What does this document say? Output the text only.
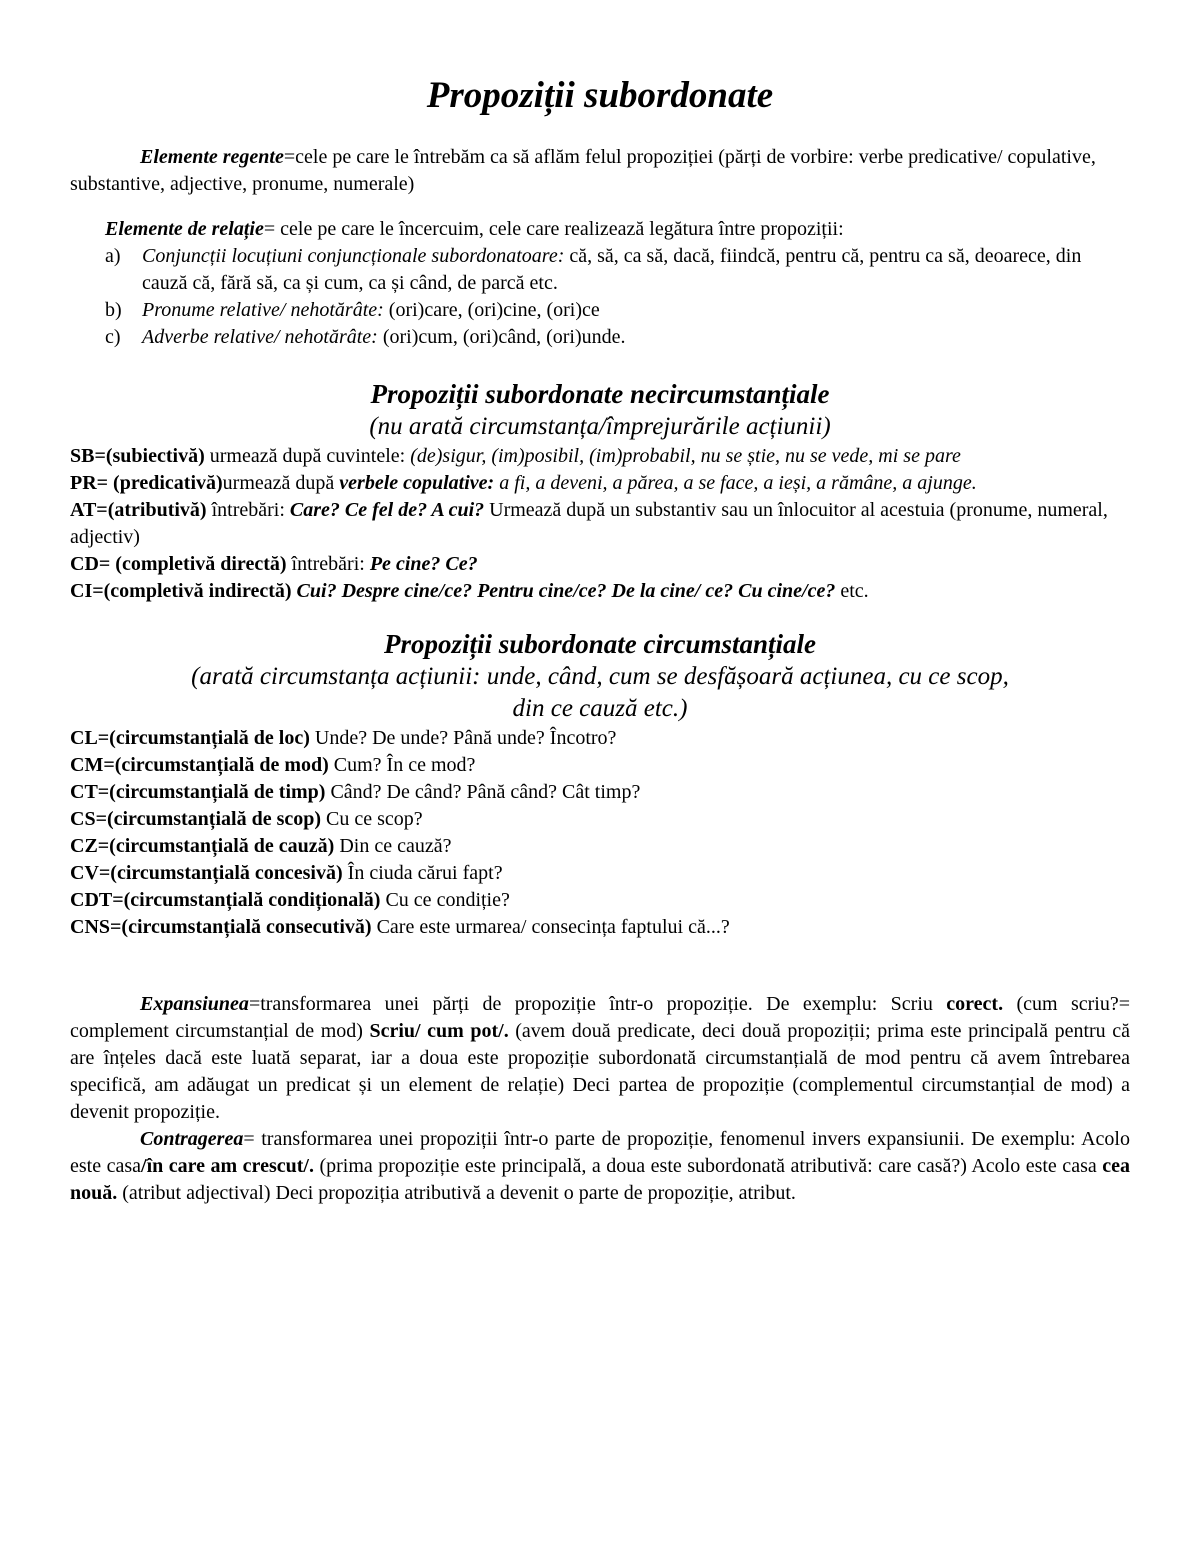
Propoziții subordonate

Elemente regente=cele pe care le întrebăm ca să aflăm felul propoziției (părți de vorbire: verbe predicative/ copulative, substantive, adjective, pronume, numerale)

Elemente de relație= cele pe care le încercuim, cele care realizează legătura între propoziții:

a) Conjuncții locuțiuni conjuncționale subordonatoare: că, să, ca să, dacă, fiindcă, pentru că, pentru ca să, deoarece, din cauză că, fără să, ca și cum, ca și când, de parcă etc.
b) Pronume relative/ nehotărâte: (ori)care, (ori)cine, (ori)ce
c) Adverbe relative/ nehotărâte: (ori)cum, (ori)când, (ori)unde.
Propoziții subordonate necircumstanțiale

(nu arată circumstanța/împrejurările acțiunii)

SB=(subiectivă) urmează după cuvintele: (de)sigur, (im)posibil, (im)probabil, nu se știe, nu se vede, mi se pare

PR= (predicativă)urmează după verbele copulative: a fi, a deveni, a părea, a se face, a ieși, a rămâne, a ajunge.

AT=(atributivă) întrebări: Care? Ce fel de? A cui? Urmează după un substantiv sau un înlocuitor al acestuia (pronume, numeral, adjectiv)

CD= (completivă directă) întrebări: Pe cine? Ce?

CI=(completivă indirectă) Cui? Despre cine/ce? Pentru cine/ce? De la cine/ ce? Cu cine/ce? etc.

Propoziții subordonate circumstanțiale

(arată circumstanța acțiunii: unde, când, cum se desfășoară acțiunea, cu ce scop,

din ce cauză etc.)

CL=(circumstanțială de loc) Unde? De unde? Până unde? Încotro?

CM=(circumstanțială de mod) Cum? În ce mod?

CT=(circumstanțială de timp) Când? De când? Până când? Cât timp?

CS=(circumstanțială de scop) Cu ce scop?

CZ=(circumstanțială de cauză) Din ce cauză?

CV=(circumstanțială concesivă) În ciuda cărui fapt?

CDT=(circumstanțială condițională) Cu ce condiție?

CNS=(circumstanțială consecutivă) Care este urmarea/ consecința faptului că...?

Expansiunea=transformarea unei părți de propoziție într-o propoziție. De exemplu: Scriu corect. (cum scriu?= complement circumstanțial de mod) Scriu/ cum pot/. (avem două predicate, deci două propoziții; prima este principală pentru că are înțeles dacă este luată separat, iar a doua este propoziție subordonată circumstanțială de mod pentru că avem întrebarea specifică, am adăugat un predicat și un element de relație) Deci partea de propoziție (complementul circumstanțial de mod) a devenit propoziție.

Contragerea= transformarea unei propoziții într-o parte de propoziție, fenomenul invers expansiunii. De exemplu: Acolo este casa/în care am crescut/. (prima propoziție este principală, a doua este subordonată atributivă: care casă?) Acolo este casa cea nouă. (atribut adjectival) Deci propoziția atributivă a devenit o parte de propoziție, atribut.
